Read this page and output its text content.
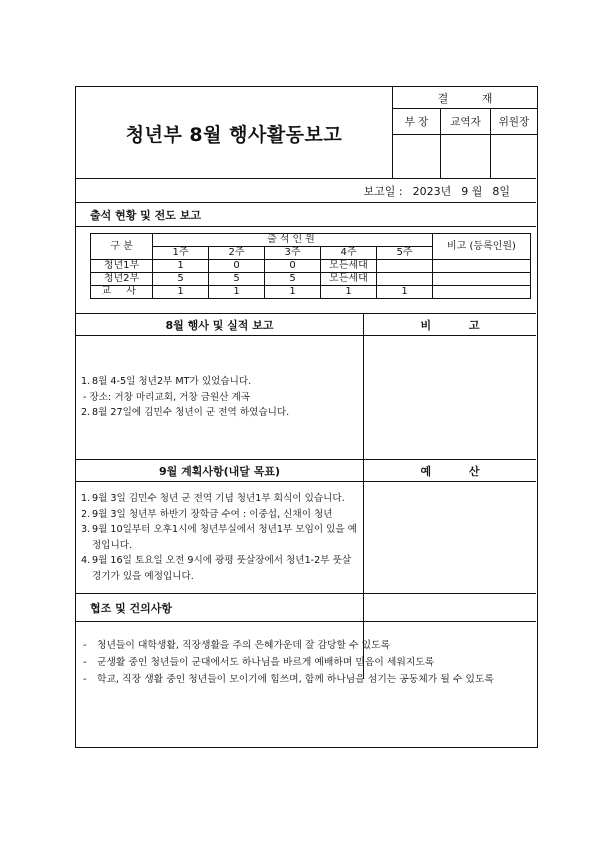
청년부 8월 행사활동보고
결 재
부 장	교역자	위원장
보고일 : 2023년 9 월 8일
출석 현황 및 전도 보고
구 분	출석인원					비고 (등록인원)
	1주	2주	3주	4주	5주	
청년1부	1	0	0	모든세대		
청년2부	5	5	5	모든세대		
교 사	1	1	1	1	1	
8월 행사 및 실적 보고	비 고
1. 8월 4-5일 청년2부 MT가 있었습니다.
- 장소: 거창 마리교회, 거창 금원산 계곡
2. 8월 27일에 김민수 청년이 군 전역 하였습니다.
9월 계획사항(내달 목표)	예 산
1. 9월 3일 김민수 청년 군 전역 기념 청년1부 회식이 있습니다.
2. 9월 3일 청년부 하반기 장학금 수여 : 이중섭, 신채이 청년
3. 9월 10일부터 오후1시에 청년부실에서 청년1부 모임이 있을 예정입니다.
4. 9월 16일 토요일 오전 9시에 광평 풋살장에서 청년1-2부 풋살경기가 있을 예정입니다.
협조 및 건의사항
-	청년들이 대학생활, 직장생활을 주의 은혜가운데 잘 감당할 수 있도록
-	군생활 중인 청년들이 군대에서도 하나님을 바르게 예배하며 믿음이 세워지도록
-	학교, 직장 생활 중인 청년들이 모이기에 힘쓰며, 함께 하나님을 섬기는 공동체가 될 수 있도록
